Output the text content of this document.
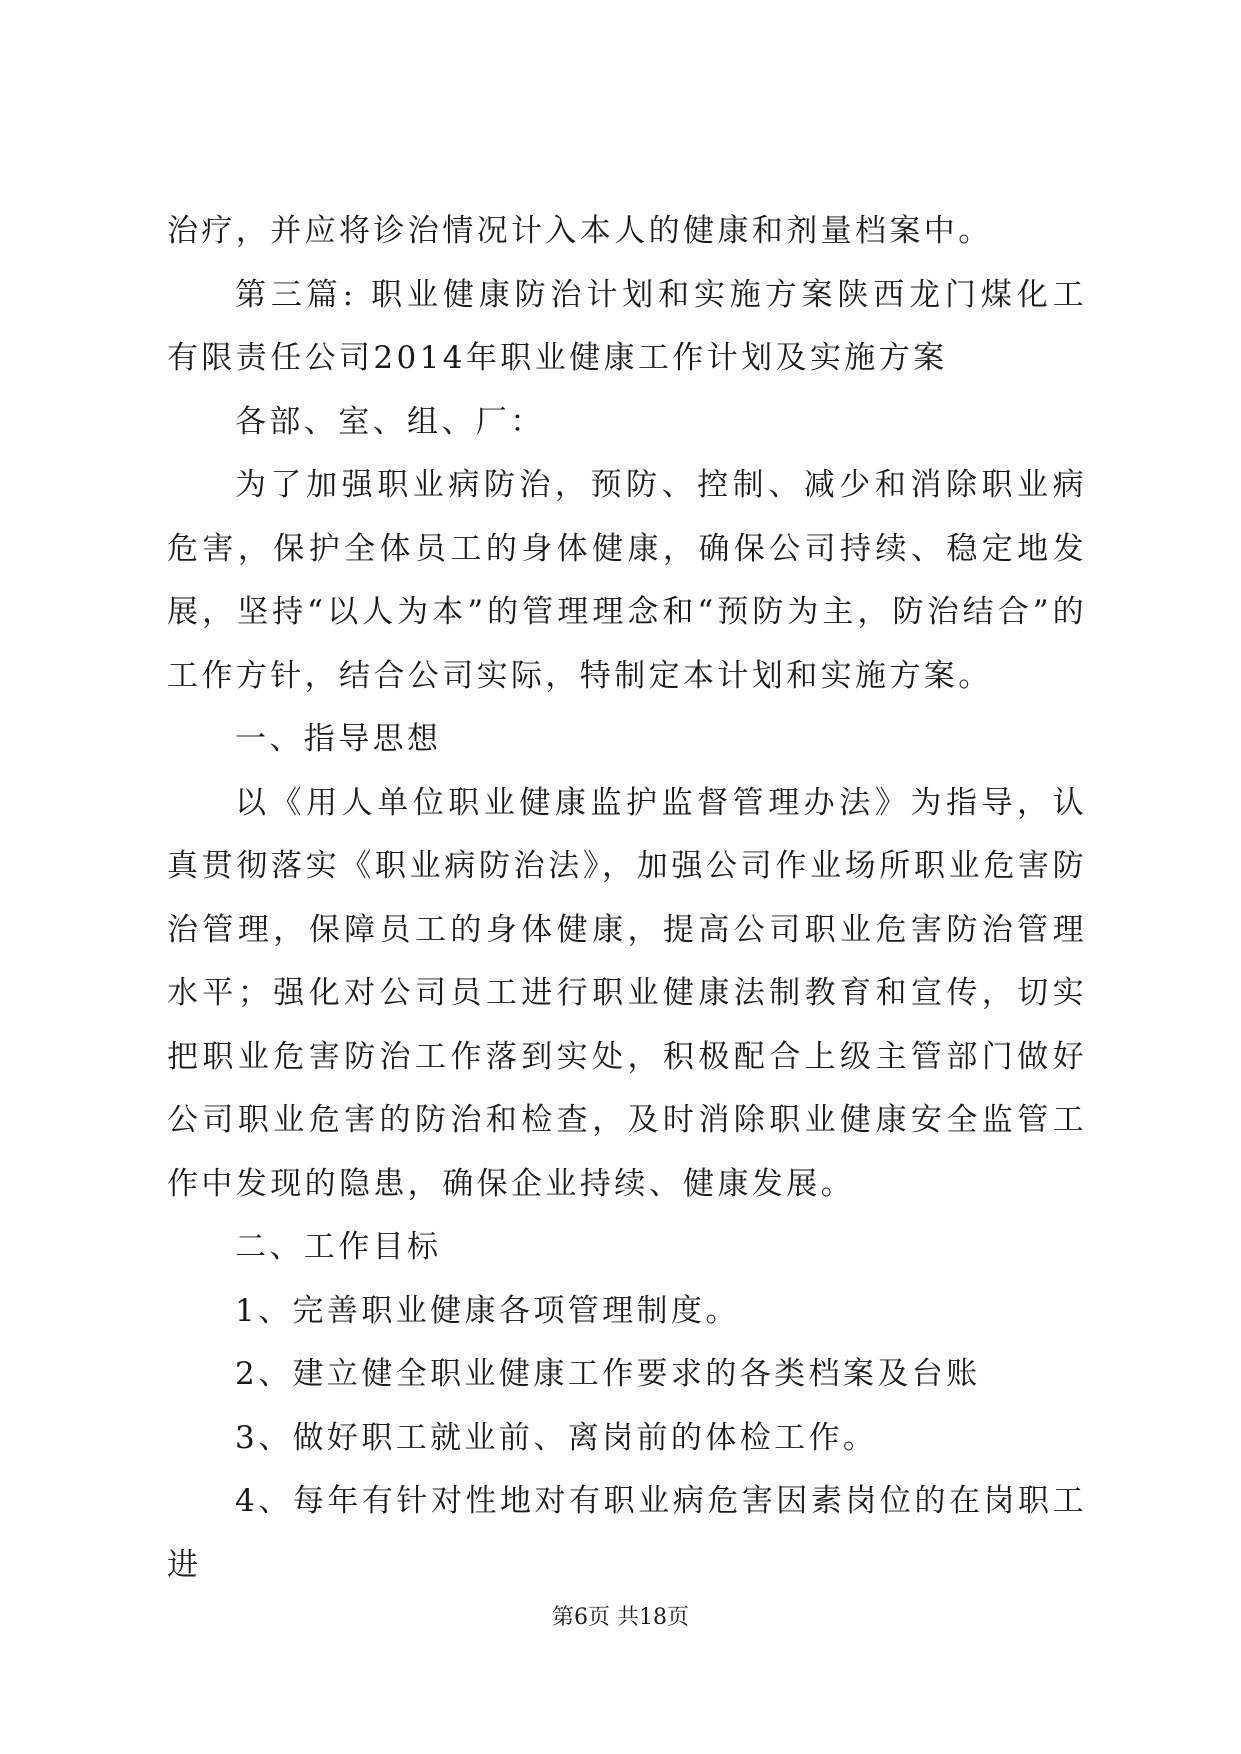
治疗，并应将诊治情况计入本人的健康和剂量档案中。

第三篇: 职业健康防治计划和实施方案陕西龙门煤化工有限责任公司2014年职业健康工作计划及实施方案

各部、室、组、厂：

为了加强职业病防治，预防、控制、减少和消除职业病危害，保护全体员工的身体健康，确保公司持续、稳定地发展，坚持“以人为本”的管理理念和“预防为主，防治结合”的工作方针，结合公司实际，特制定本计划和实施方案。

一、指导思想

以《用人单位职业健康监护监督管理办法》为指导，认真贯彻落实《职业病防治法》，加强公司作业场所职业危害防治管理，保障员工的身体健康，提高公司职业危害防治管理水平；强化对公司员工进行职业健康法制教育和宣传，切实把职业危害防治工作落到实处，积极配合上级主管部门做好公司职业危害的防治和检查，及时消除职业健康安全监管工作中发现的隐患，确保企业持续、健康发展。

二、工作目标

1、完善职业健康各项管理制度。

2、建立健全职业健康工作要求的各类档案及台账

3、做好职工就业前、离岗前的体检工作。

4、每年有针对性地对有职业病危害因素岗位的在岗职工进

第6页 共18页
